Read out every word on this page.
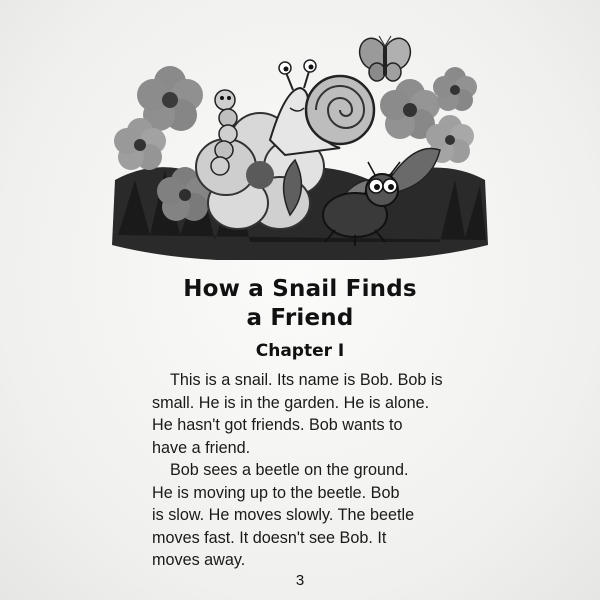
How a Snail Finds
a Friend
Chapter I
This is a snail. Its name is Bob. Bob is
small. He is in the garden. He is alone.
He hasn't got friends. Bob wants to
have a friend.
Bob sees a beetle on the ground.
He is moving up to the beetle. Bob
is slow. He moves slowly. The beetle
moves fast. It doesn't see Bob. It
moves away.
3
